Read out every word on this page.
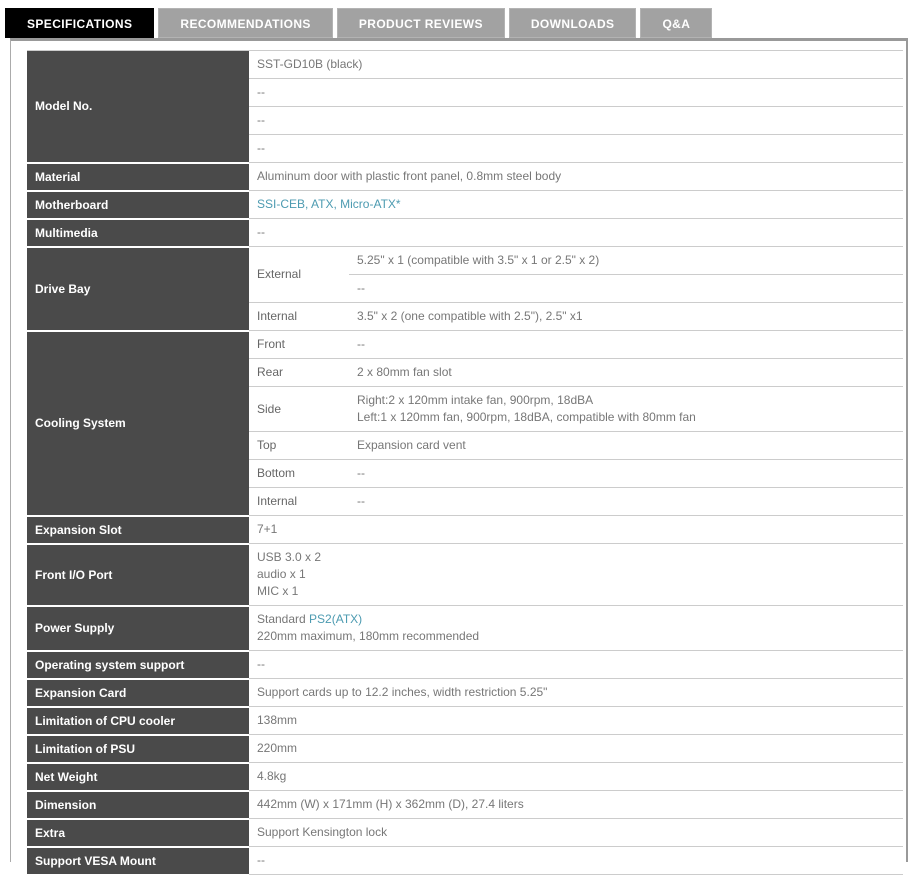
SPECIFICATIONS	RECOMMENDATIONS	PRODUCT REVIEWS	DOWNLOADS	Q&A
Model No.	SST-GD10B (black)	

	--	

	--	

	--	

Material	Aluminum door with plastic front panel, 0.8mm steel body	

Motherboard	SSI-CEB, ATX, Micro-ATX*	

Multimedia	--	

Drive Bay	External	5.25" x 1 (compatible with 3.5" x 1 or 2.5" x 2)

		--

	Internal	3.5" x 2 (one compatible with 2.5"), 2.5" x1

Cooling System	Front	--

	Rear	2 x 80mm fan slot

	Side	Right:2 x 120mm intake fan, 900rpm, 18dBA
Left:1 x 120mm fan, 900rpm, 18dBA, compatible with 80mm fan

	Top	Expansion card vent

	Bottom	--

	Internal	--

Expansion Slot	7+1	

Front I/O Port	USB 3.0 x 2
audio x 1
MIC x 1	

Power Supply	Standard PS2(ATX)
220mm maximum, 180mm recommended	

Operating system support	--	

Expansion Card	Support cards up to 12.2 inches, width restriction 5.25"	

Limitation of CPU cooler	138mm	

Limitation of PSU	220mm	

Net Weight	4.8kg	

Dimension	442mm (W) x 171mm (H) x 362mm (D), 27.4 liters	

Extra	Support Kensington lock	

Support VESA Mount	--	
